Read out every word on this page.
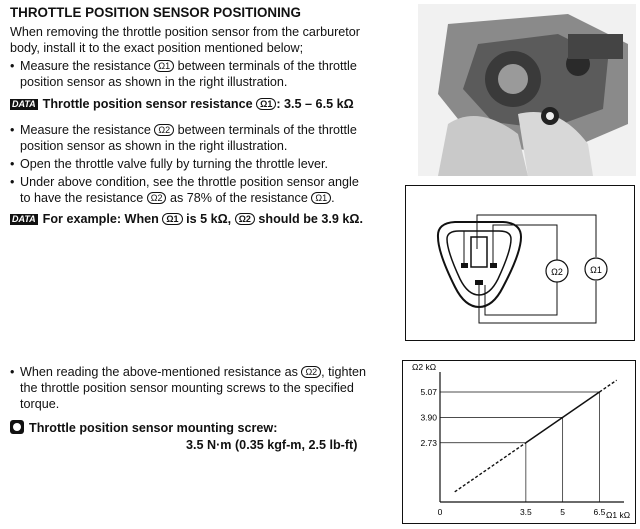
THROTTLE POSITION SENSOR POSITIONING
When removing the throttle position sensor from the carburetor
body, install it to the exact position mentioned below;
• Measure the resistance Ω1 between terminals of the throttle
position sensor as shown in the right illustration.
DATA Throttle position sensor resistance Ω1 : 3.5 – 6.5 kΩ
• Measure the resistance Ω2 between terminals of the throttle
position sensor as shown in the right illustration.
• Open the throttle valve fully by turning the throttle lever.
• Under above condition, see the throttle position sensor angle
to have the resistance Ω2 as 78% of the resistance Ω1 .
DATA For example: When Ω1 is 5 kΩ, Ω2 should be 3.9 kΩ.
• When reading the above-mentioned resistance as Ω2 , tighten
the throttle position sensor mounting screws to the specified
torque.
Throttle position sensor mounting screw:
3.5 N·m (0.35 kgf-m, 2.5 lb-ft)
Ω2	Ω1
Ω2 kΩ
Ω1 kΩ
0	3.5	5	6.5
2.73
3.90
5.07
